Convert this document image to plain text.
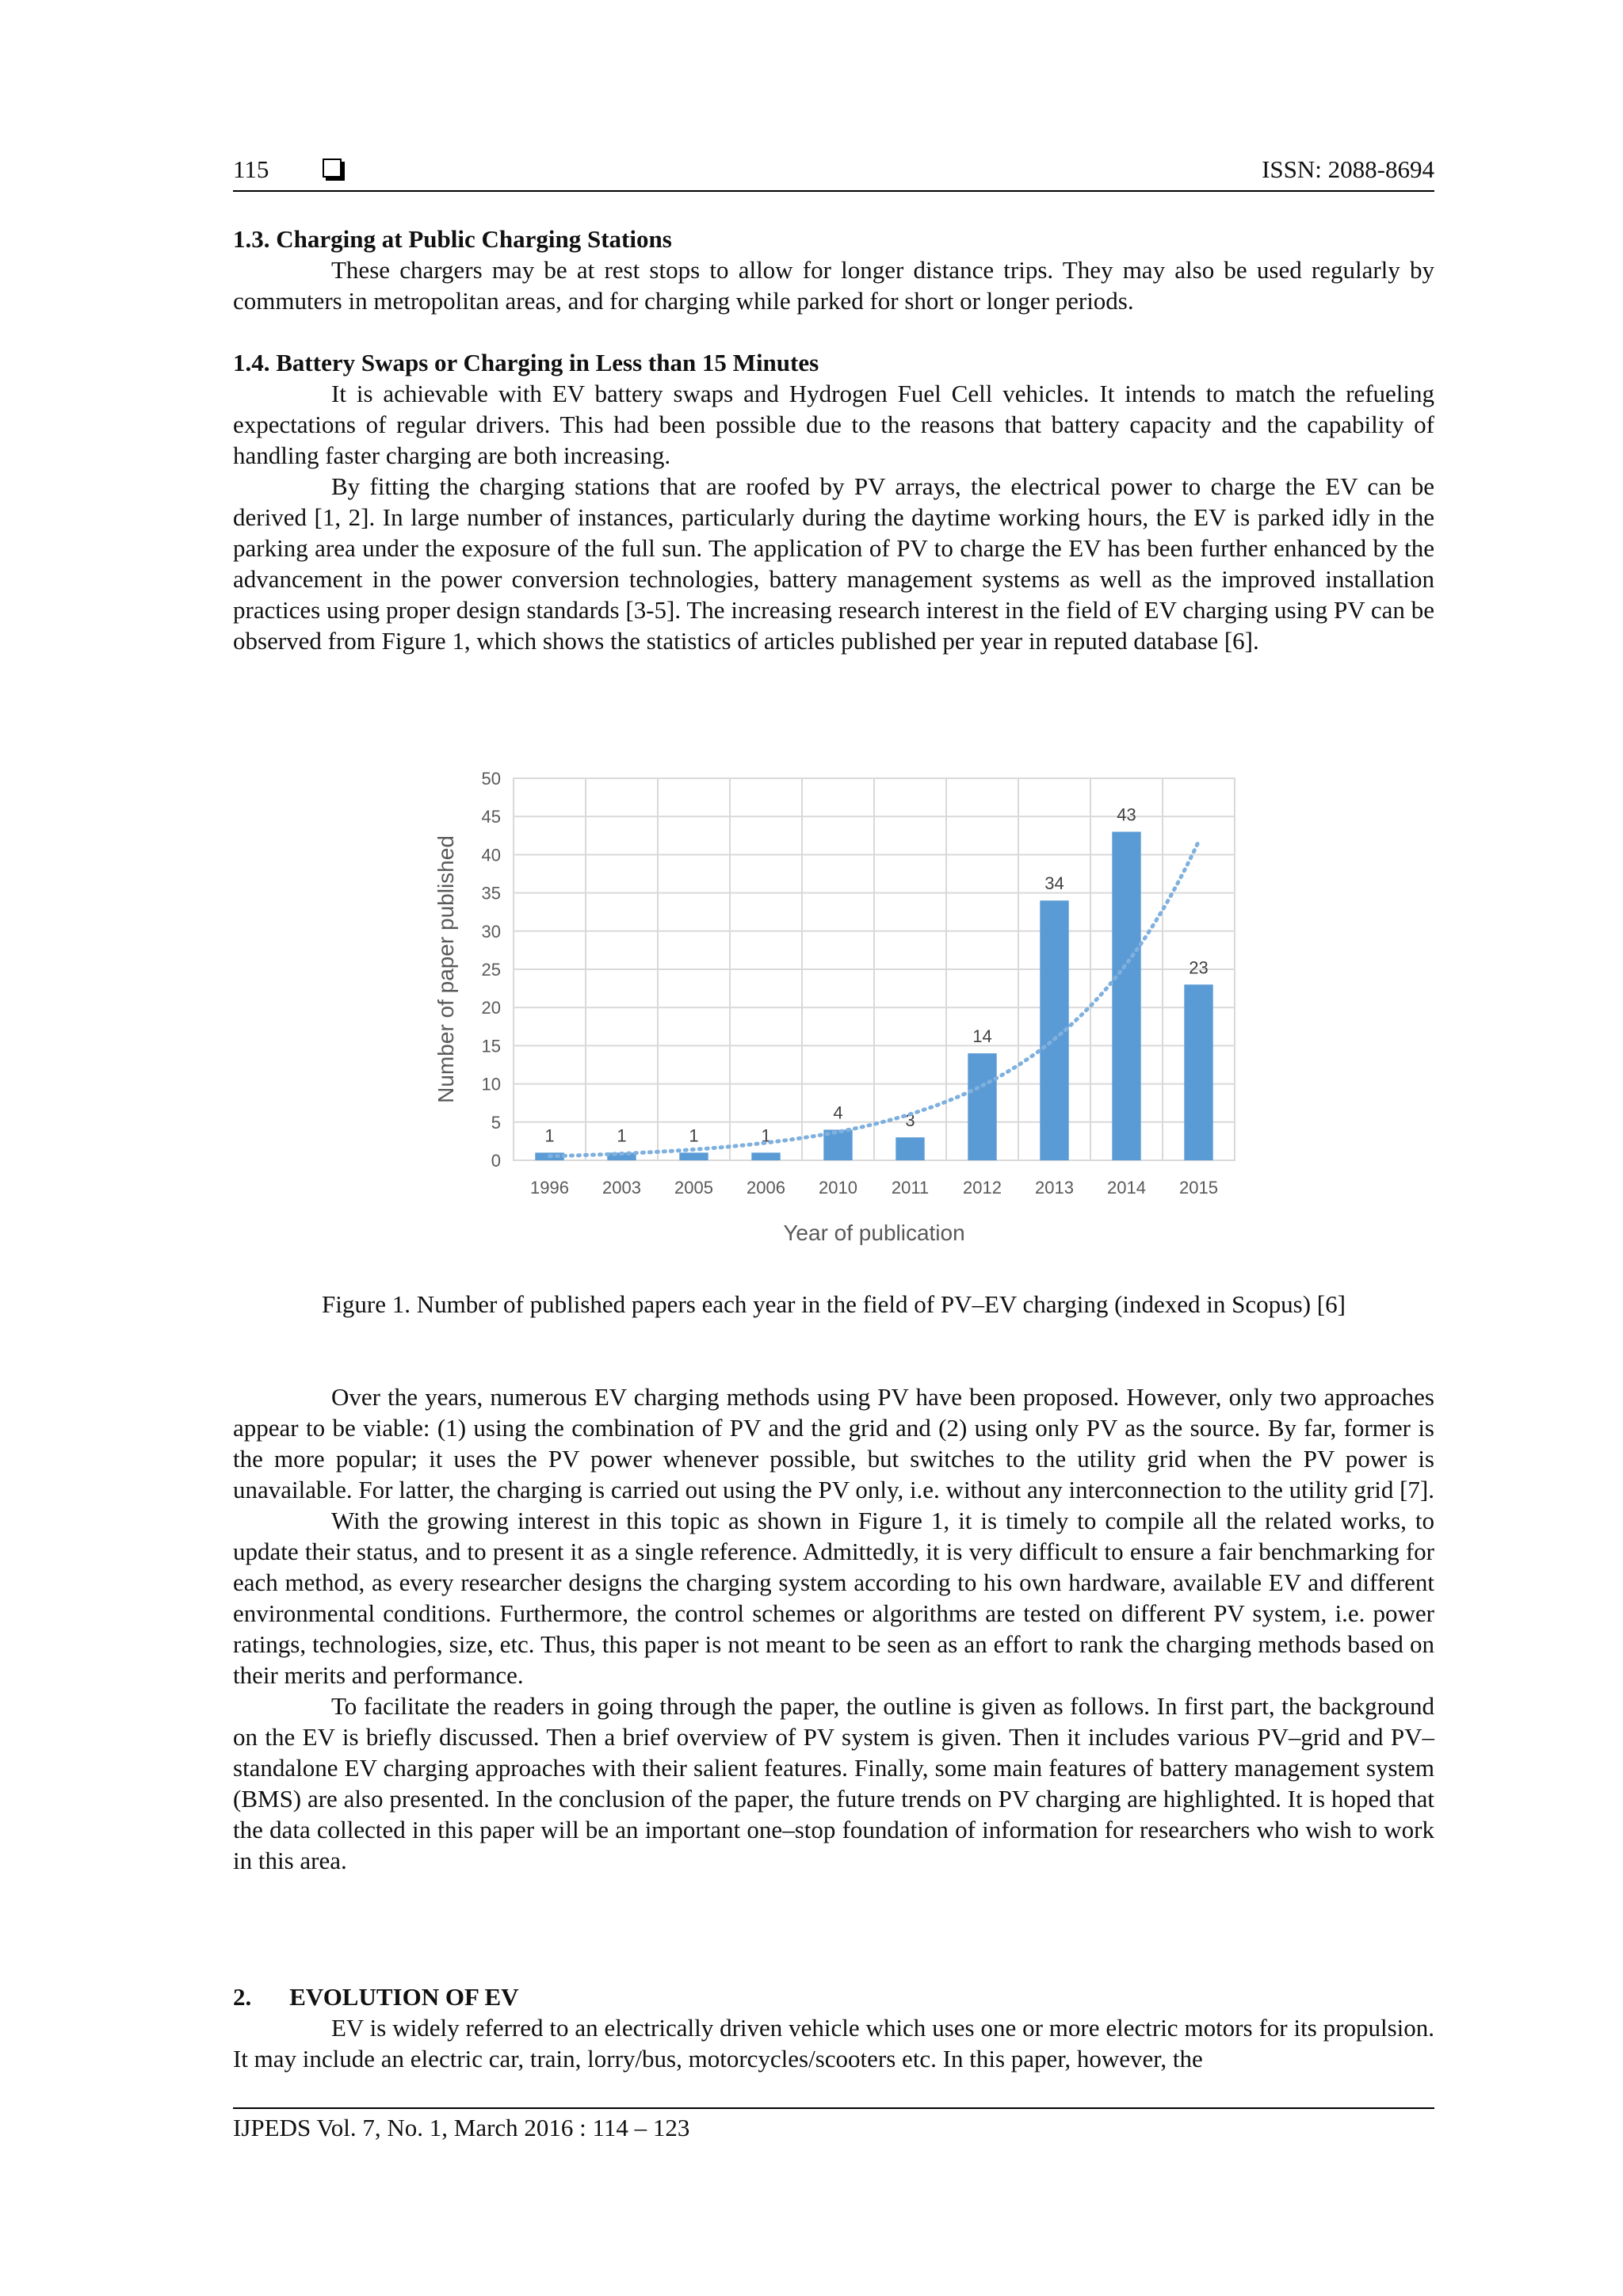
115	ISSN: 2088-8694
1.3. Charging at Public Charging Stations

These chargers may be at rest stops to allow for longer distance trips. They may also be used regularly by commuters in metropolitan areas, and for charging while parked for short or longer periods.

1.4. Battery Swaps or Charging in Less than 15 Minutes

It is achievable with EV battery swaps and Hydrogen Fuel Cell vehicles. It intends to match the refueling expectations of regular drivers. This had been possible due to the reasons that battery capacity and the capability of handling faster charging are both increasing.

By fitting the charging stations that are roofed by PV arrays, the electrical power to charge the EV can be derived [1, 2]. In large number of instances, particularly during the daytime working hours, the EV is parked idly in the parking area under the exposure of the full sun. The application of PV to charge the EV has been further enhanced by the advancement in the power conversion technologies, battery management systems as well as the improved installation practices using proper design standards [3-5]. The increasing research interest in the field of EV charging using PV can be observed from Figure 1, which shows the statistics of articles published per year in reputed database [6].

0
5
10
15
20
25
30
35
40
45
50
1
1996
1
2003
1
2005
1
2006
4
2010
3
2011
14
2012
34
2013
43
2014
23
2015
Year of publication
Number of paper published
Figure 1. Number of published papers each year in the field of PV–EV charging (indexed in Scopus) [6]

Over the years, numerous EV charging methods using PV have been proposed. However, only two approaches appear to be viable: (1) using the combination of PV and the grid and (2) using only PV as the source. By far, former is the more popular; it uses the PV power whenever possible, but switches to the utility grid when the PV power is unavailable. For latter, the charging is carried out using the PV only, i.e. without any interconnection to the utility grid [7].

With the growing interest in this topic as shown in Figure 1, it is timely to compile all the related works, to update their status, and to present it as a single reference. Admittedly, it is very difficult to ensure a fair benchmarking for each method, as every researcher designs the charging system according to his own hardware, available EV and different environmental conditions. Furthermore, the control schemes or algorithms are tested on different PV system, i.e. power ratings, technologies, size, etc. Thus, this paper is not meant to be seen as an effort to rank the charging methods based on their merits and performance.

To facilitate the readers in going through the paper, the outline is given as follows. In first part, the background on the EV is briefly discussed. Then a brief overview of PV system is given. Then it includes various PV–grid and PV–standalone EV charging approaches with their salient features. Finally, some main features of battery management system (BMS) are also presented. In the conclusion of the paper, the future trends on PV charging are highlighted. It is hoped that the data collected in this paper will be an important one–stop foundation of information for researchers who wish to work in this area.

2. EVOLUTION OF EV

EV is widely referred to an electrically driven vehicle which uses one or more electric motors for its propulsion. It may include an electric car, train, lorry/bus, motorcycles/scooters etc. In this paper, however, the

IJPEDS Vol. 7, No. 1, March 2016 : 114 – 123
